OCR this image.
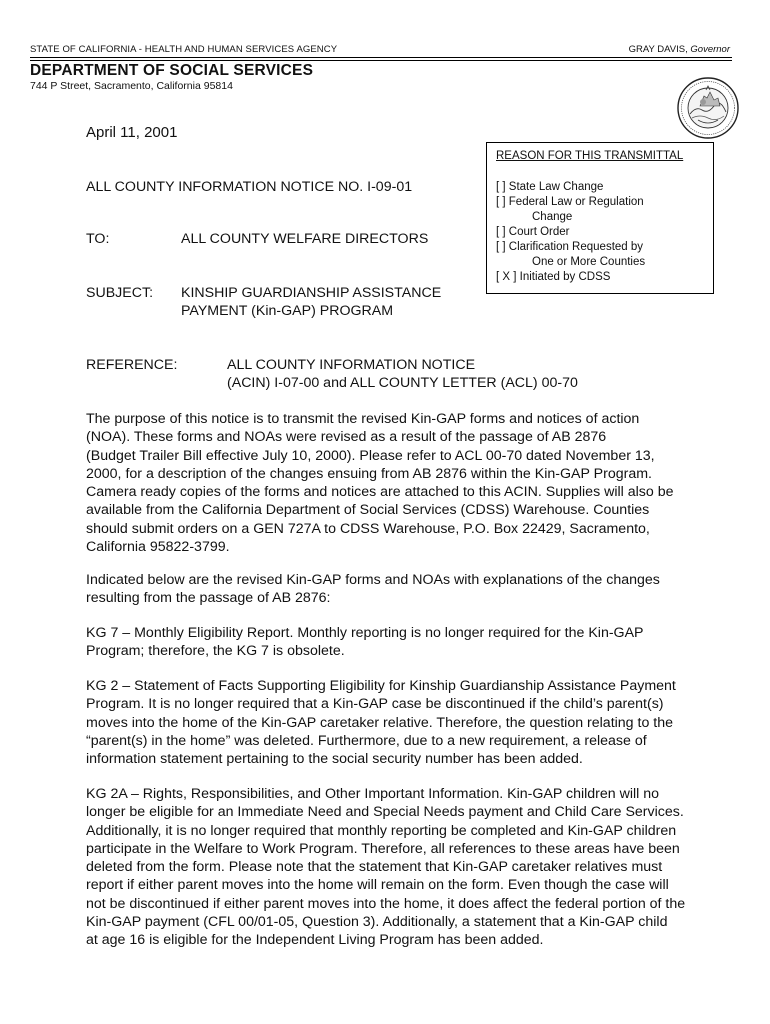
STATE OF CALIFORNIA - HEALTH AND HUMAN SERVICES AGENCY	GRAY DAVIS, Governor
DEPARTMENT OF SOCIAL SERVICES
744 P Street, Sacramento, California 95814
April 11, 2001
REASON FOR THIS TRANSMITTAL
[ ] State Law Change
[ ] Federal Law or Regulation
Change
[ ] Court Order
[ ] Clarification Requested by
One or More Counties
[ X ] Initiated by CDSS
ALL COUNTY INFORMATION NOTICE NO. I-09-01
TO:	ALL COUNTY WELFARE DIRECTORS
SUBJECT: KINSHIP GUARDIANSHIP ASSISTANCE
PAYMENT (Kin-GAP) PROGRAM
REFERENCE:	ALL COUNTY INFORMATION NOTICE
(ACIN) I-07-00 and ALL COUNTY LETTER (ACL) 00-70
The purpose of this notice is to transmit the revised Kin-GAP forms and notices of action
(NOA). These forms and NOAs were revised as a result of the passage of AB 2876
(Budget Trailer Bill effective July 10, 2000). Please refer to ACL 00-70 dated November 13,
2000, for a description of the changes ensuing from AB 2876 within the Kin-GAP Program.
Camera ready copies of the forms and notices are attached to this ACIN. Supplies will also be
available from the California Department of Social Services (CDSS) Warehouse. Counties
should submit orders on a GEN 727A to CDSS Warehouse, P.O. Box 22429, Sacramento,
California 95822-3799.
Indicated below are the revised Kin-GAP forms and NOAs with explanations of the changes
resulting from the passage of AB 2876:
KG 7 – Monthly Eligibility Report. Monthly reporting is no longer required for the Kin-GAP
Program; therefore, the KG 7 is obsolete.
KG 2 – Statement of Facts Supporting Eligibility for Kinship Guardianship Assistance Payment
Program. It is no longer required that a Kin-GAP case be discontinued if the child’s parent(s)
moves into the home of the Kin-GAP caretaker relative. Therefore, the question relating to the
“parent(s) in the home” was deleted. Furthermore, due to a new requirement, a release of
information statement pertaining to the social security number has been added.
KG 2A – Rights, Responsibilities, and Other Important Information. Kin-GAP children will no
longer be eligible for an Immediate Need and Special Needs payment and Child Care Services.
Additionally, it is no longer required that monthly reporting be completed and Kin-GAP children
participate in the Welfare to Work Program. Therefore, all references to these areas have been
deleted from the form. Please note that the statement that Kin-GAP caretaker relatives must
report if either parent moves into the home will remain on the form. Even though the case will
not be discontinued if either parent moves into the home, it does affect the federal portion of the
Kin-GAP payment (CFL 00/01-05, Question 3). Additionally, a statement that a Kin-GAP child
at age 16 is eligible for the Independent Living Program has been added.
